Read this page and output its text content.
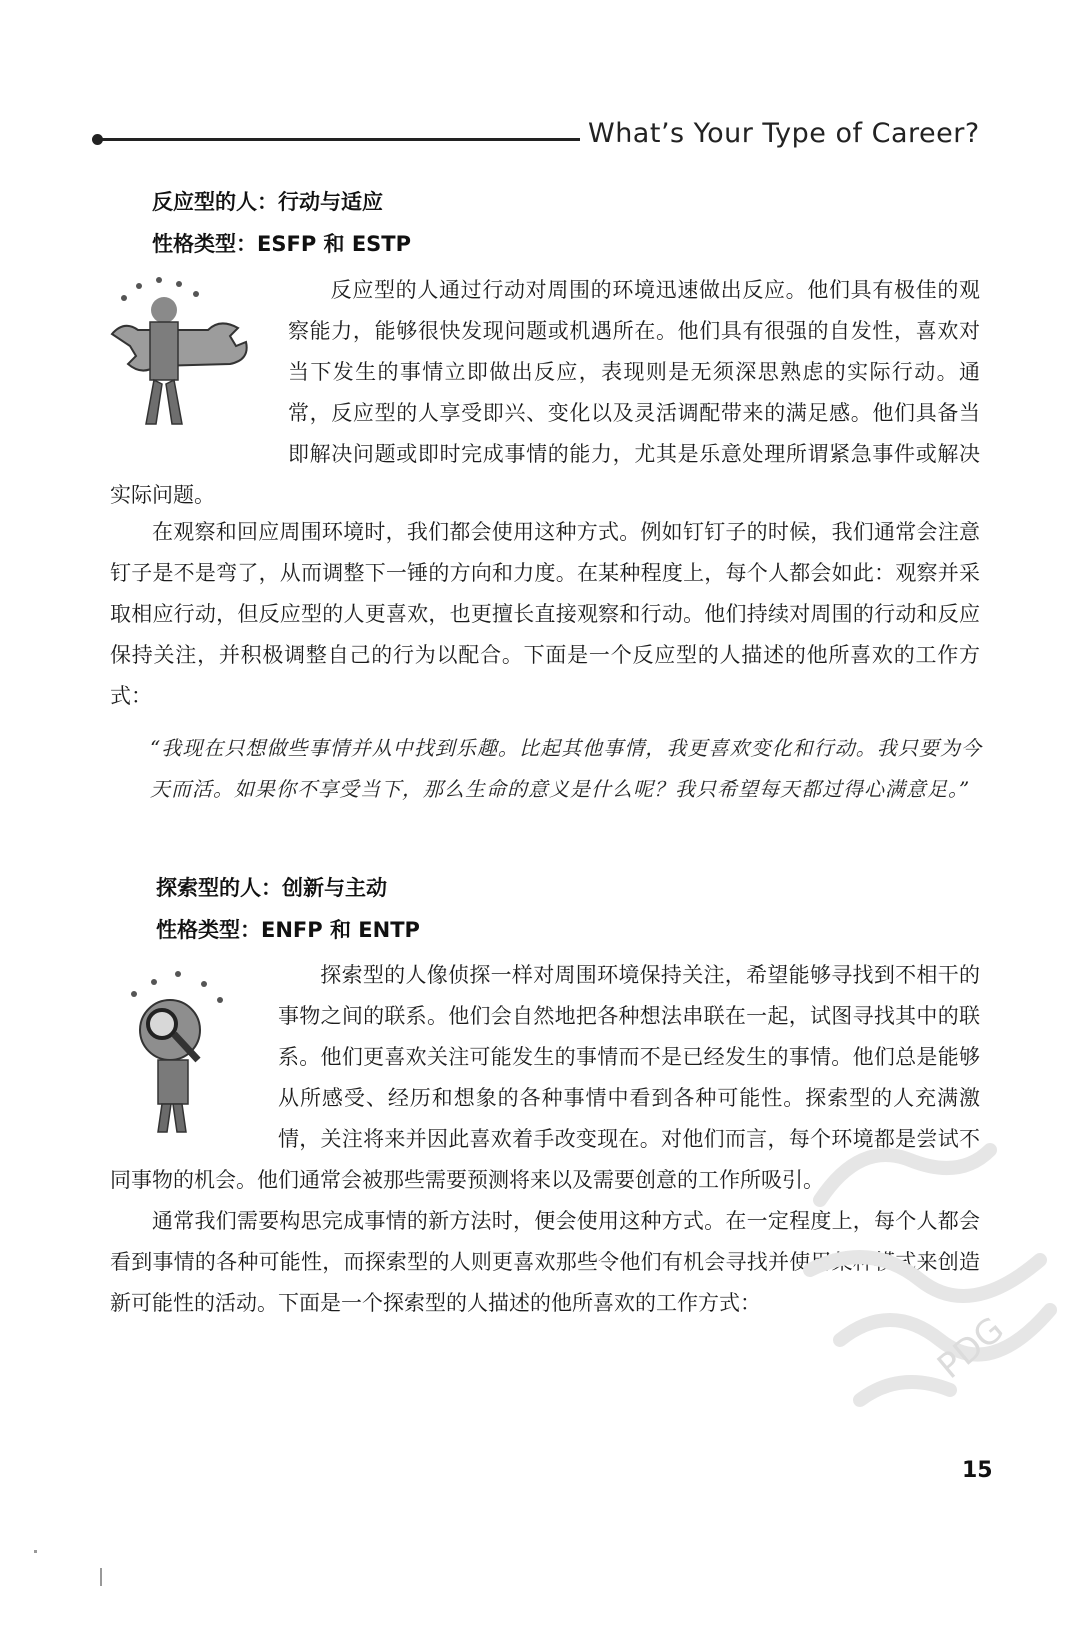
What’s Your Type of Career?
反应型的人：行动与适应
性格类型：ESFP 和 ESTP
反应型的人通过行动对周围的环境迅速做出反应。他们具有极佳的观察能力，能够很快发现问题或机遇所在。他们具有很强的自发性，喜欢对当下发生的事情立即做出反应，表现则是无须深思熟虑的实际行动。通常，反应型的人享受即兴、变化以及灵活调配带来的满足感。他们具备当即解决问题或即时完成事情的能力，尤其是乐意处理所谓紧急事件或解决实际问题。
在观察和回应周围环境时，我们都会使用这种方式。例如钉钉子的时候，我们通常会注意钉子是不是弯了，从而调整下一锤的方向和力度。在某种程度上，每个人都会如此：观察并采取相应行动，但反应型的人更喜欢，也更擅长直接观察和行动。他们持续对周围的行动和反应保持关注，并积极调整自己的行为以配合。下面是一个反应型的人描述的他所喜欢的工作方式：
“我现在只想做些事情并从中找到乐趣。比起其他事情，我更喜欢变化和行动。我只要为今天而活。如果你不享受当下，那么生命的意义是什么呢？我只希望每天都过得心满意足。”
探索型的人：创新与主动
性格类型：ENFP 和 ENTP
探索型的人像侦探一样对周围环境保持关注，希望能够寻找到不相干的事物之间的联系。他们会自然地把各种想法串联在一起，试图寻找其中的联系。他们更喜欢关注可能发生的事情而不是已经发生的事情。他们总是能够从所感受、经历和想象的各种事情中看到各种可能性。探索型的人充满激情，关注将来并因此喜欢着手改变现在。对他们而言，每个环境都是尝试不同事物的机会。他们通常会被那些需要预测将来以及需要创意的工作所吸引。
通常我们需要构思完成事情的新方法时，便会使用这种方式。在一定程度上，每个人都会看到事情的各种可能性，而探索型的人则更喜欢那些令他们有机会寻找并使用某种模式来创造新可能性的活动。下面是一个探索型的人描述的他所喜欢的工作方式：
PDG
15
